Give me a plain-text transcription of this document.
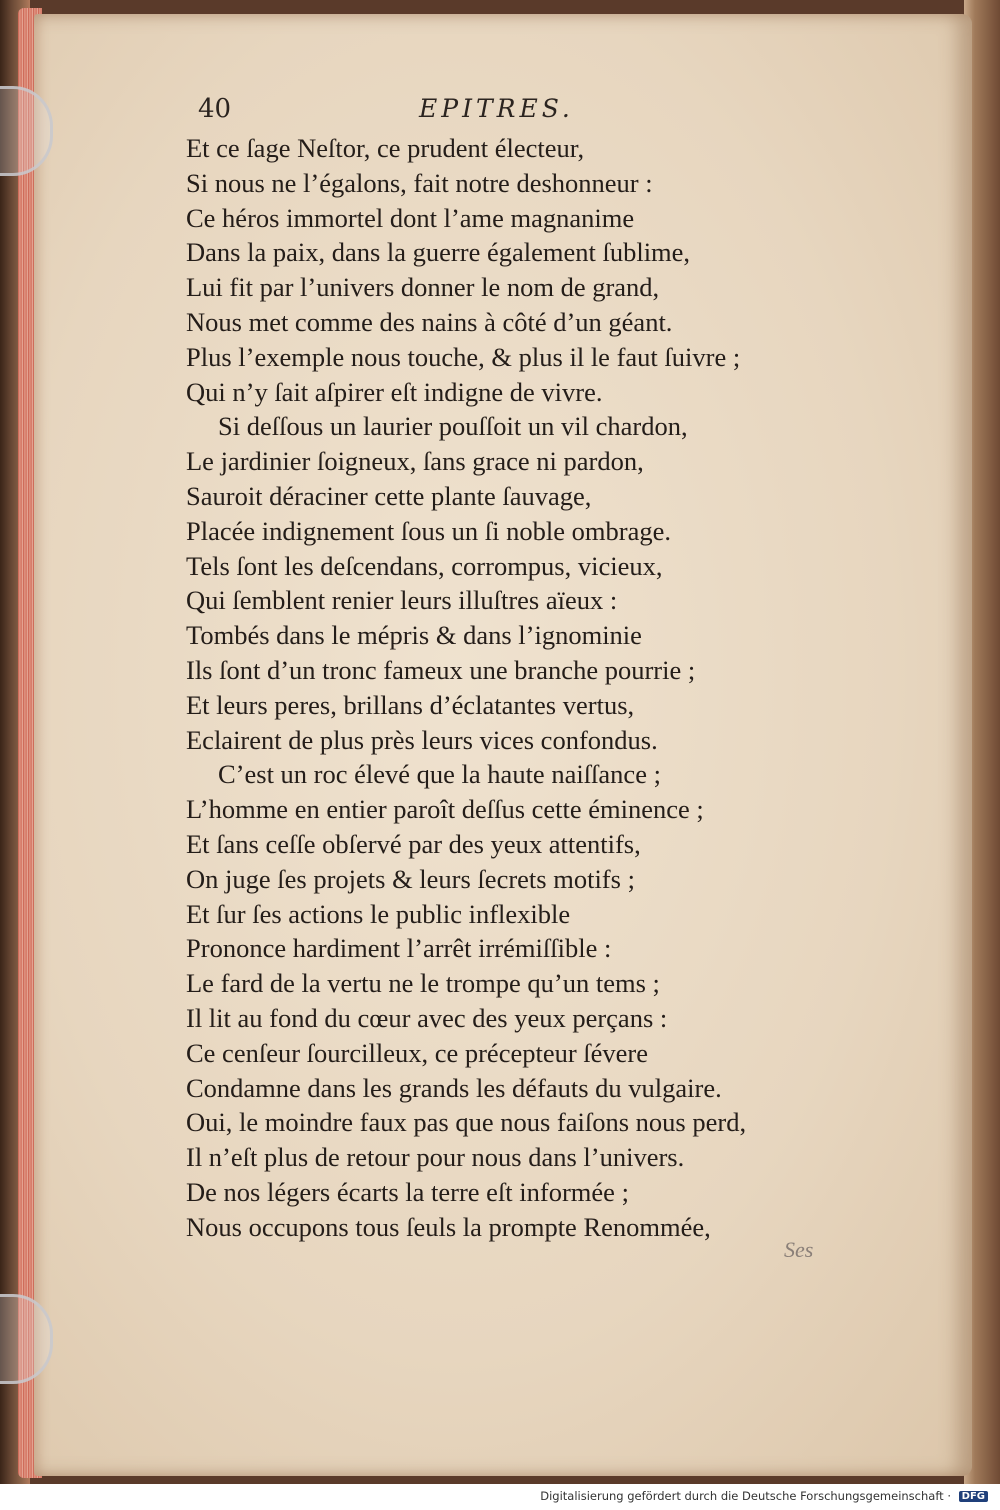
40	EPITRES.
Et ce ſage Neſtor, ce prudent électeur,
Si nous ne l’égalons, fait notre deshonneur :
Ce héros immortel dont l’ame magnanime
Dans la paix, dans la guerre également ſublime,
Lui fit par l’univers donner le nom de grand,
Nous met comme des nains à côté d’un géant.
Plus l’exemple nous touche, & plus il le faut ſuivre ;
Qui n’y ſait aſpirer eſt indigne de vivre.
Si deſſous un laurier pouſſoit un vil chardon,
Le jardinier ſoigneux, ſans grace ni pardon,
Sauroit déraciner cette plante ſauvage,
Placée indignement ſous un ſi noble ombrage.
Tels ſont les deſcendans, corrompus, vicieux,
Qui ſemblent renier leurs illuſtres aïeux :
Tombés dans le mépris & dans l’ignominie
Ils ſont d’un tronc fameux une branche pourrie ;
Et leurs peres, brillans d’éclatantes vertus,
Eclairent de plus près leurs vices confondus.
C’est un roc élevé que la haute naiſſance ;
L’homme en entier paroît deſſus cette éminence ;
Et ſans ceſſe obſervé par des yeux attentifs,
On juge ſes projets & leurs ſecrets motifs ;
Et ſur ſes actions le public inflexible
Prononce hardiment l’arrêt irrémiſſible :
Le fard de la vertu ne le trompe qu’un tems ;
Il lit au fond du cœur avec des yeux perçans :
Ce cenſeur ſourcilleux, ce précepteur ſévere
Condamne dans les grands les défauts du vulgaire.
Oui, le moindre faux pas que nous faiſons nous perd,
Il n’eſt plus de retour pour nous dans l’univers.
De nos légers écarts la terre eſt informée ;
Nous occupons tous ſeuls la prompte Renommée,
Ses
Digitalisierung gefördert durch die Deutsche Forschungsgemeinschaft · DFG
